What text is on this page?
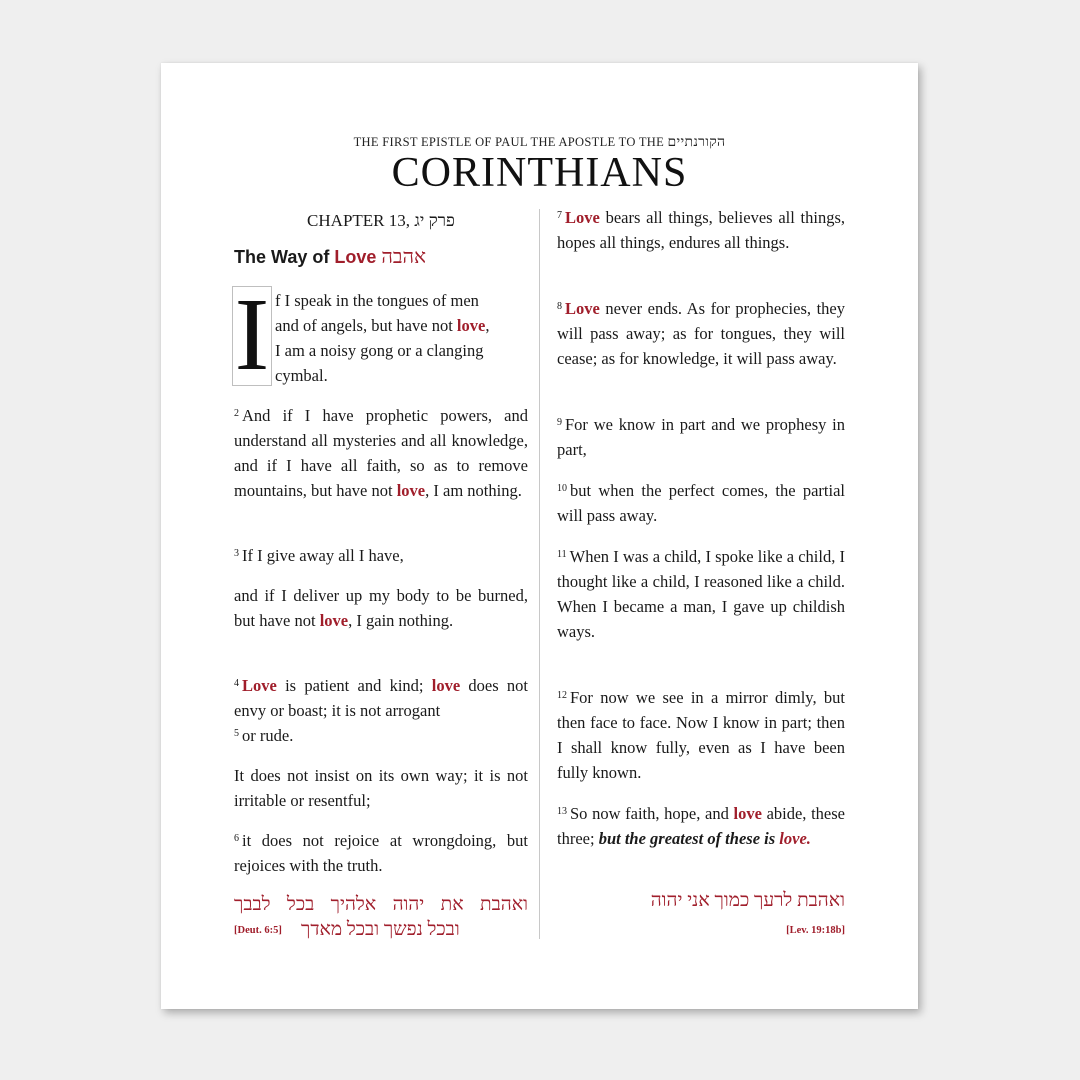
THE FIRST EPISTLE OF PAUL THE APOSTLE TO THE הקורנתיים
CORINTHIANS
CHAPTER 13, פרק יג
The Way of Love אהבה
I f I speak in the tongues of men
and of angels, but have not love,
I am a noisy gong or a clanging
cymbal.

$^2$ And if I have prophetic powers, and understand all mysteries and all knowledge, and if I have all faith, so as to remove mountains, but have not love, I am nothing.

$^3$ If I give away all I have,

and if I deliver up my body to be burned, but have not love, I gain nothing.

$^4$ Love is patient and kind; love does not envy or boast; it is not arrogant
$^5$ or rude.

It does not insist on its own way; it is not irritable or resentful;

$^6$ it does not rejoice at wrongdoing, but rejoices with the truth.

ואהבת את יהוה אלהיך בכל לבבך
ובכל נפשך ובכל מאדך
[Deut. 6:5]

$^7$ Love bears all things, believes all things, hopes all things, endures all things.

$^8$ Love never ends. As for prophecies, they will pass away; as for tongues, they will cease; as for knowledge, it will pass away.

$^9$ For we know in part and we prophesy in part,

$^{10}$ but when the perfect comes, the partial will pass away.

$^{11}$ When I was a child, I spoke like a child, I thought like a child, I reasoned like a child. When I became a man, I gave up childish ways.

$^{12}$ For now we see in a mirror dimly, but then face to face. Now I know in part; then I shall know fully, even as I have been fully known.

$^{13}$ So now faith, hope, and love abide, these three; but the greatest of these is love.

ואהבת לרעך כמוך אני יהוה
[Lev. 19:18b]
